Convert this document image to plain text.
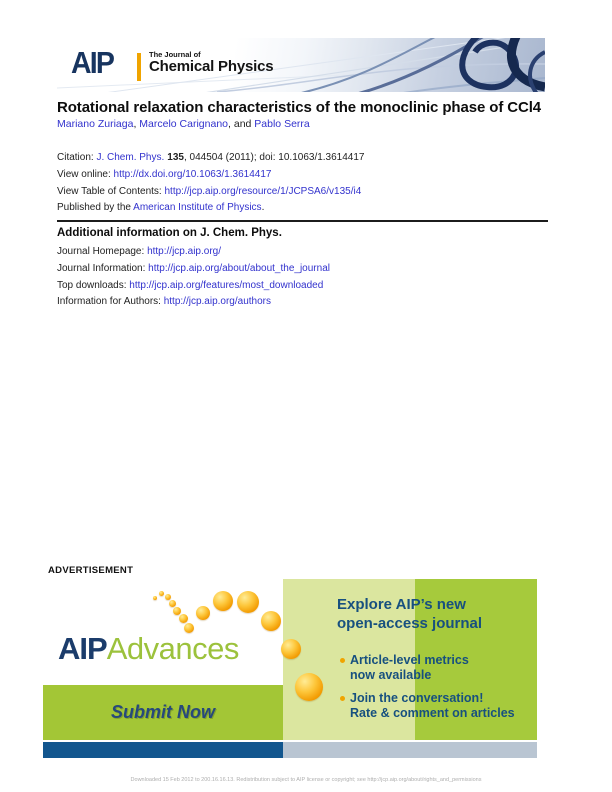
AIP	The Journal of
Chemical Physics
Rotational relaxation characteristics of the monoclinic phase of CCl4
Mariano Zuriaga, Marcelo Carignano, and Pablo Serra

Citation: J. Chem. Phys. 135, 044504 (2011); doi: 10.1063/1.3614417

View online: http://dx.doi.org/10.1063/1.3614417

View Table of Contents: http://jcp.aip.org/resource/1/JCPSA6/v135/i4

Published by the American Institute of Physics.

Additional information on J. Chem. Phys.

Journal Homepage: http://jcp.aip.org/

Journal Information: http://jcp.aip.org/about/about_the_journal

Top downloads: http://jcp.aip.org/features/most_downloaded

Information for Authors: http://jcp.aip.org/authors

ADVERTISEMENT
Submit Now
AIPAdvances
Explore AIP’s new
open-access journal
Article-level metrics
now available
Join the conversation!
Rate & comment on articles
Downloaded 15 Feb 2012 to 200.16.16.13. Redistribution subject to AIP license or copyright; see http://jcp.aip.org/about/rights_and_permissions
